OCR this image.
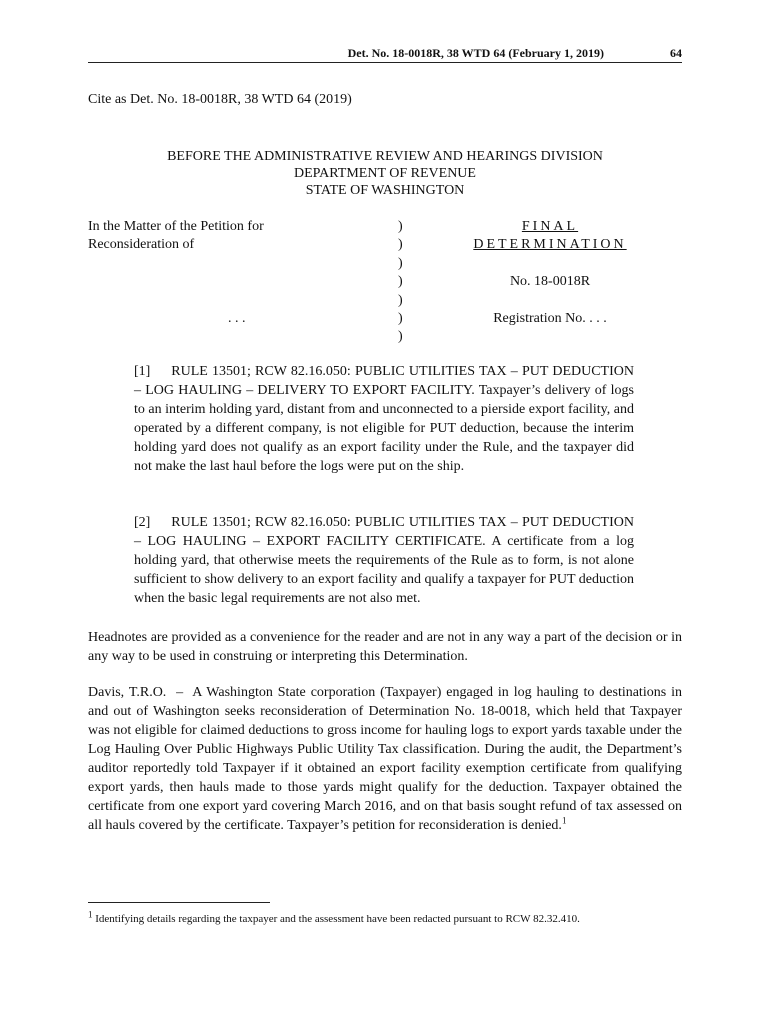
Det. No. 18-0018R, 38 WTD 64 (February 1, 2019)	64
Cite as Det. No. 18-0018R, 38 WTD 64 (2019)
BEFORE THE ADMINISTRATIVE REVIEW AND HEARINGS DIVISION
DEPARTMENT OF REVENUE
STATE OF WASHINGTON
In the Matter of the Petition for
Reconsideration of
. . .
)
)
)
)
)
)
)
FINAL
DETERMINATION
No. 18-0018R
Registration No. . . .
[1]     RULE 13501; RCW 82.16.050: PUBLIC UTILITIES TAX – PUT DEDUCTION – LOG HAULING – DELIVERY TO EXPORT FACILITY. Taxpayer’s delivery of logs to an interim holding yard, distant from and unconnected to a pierside export facility, and operated by a different company, is not eligible for PUT deduction, because the interim holding yard does not qualify as an export facility under the Rule, and the taxpayer did not make the last haul before the logs were put on the ship.
[2]     RULE 13501; RCW 82.16.050: PUBLIC UTILITIES TAX – PUT DEDUCTION – LOG HAULING – EXPORT FACILITY CERTIFICATE. A certificate from a log holding yard, that otherwise meets the requirements of the Rule as to form, is not alone sufficient to show delivery to an export facility and qualify a taxpayer for PUT deduction when the basic legal requirements are not also met.
Headnotes are provided as a convenience for the reader and are not in any way a part of the decision or in any way to be used in construing or interpreting this Determination.
Davis, T.R.O.  –  A Washington State corporation (Taxpayer) engaged in log hauling to destinations in and out of Washington seeks reconsideration of Determination No. 18-0018, which held that Taxpayer was not eligible for claimed deductions to gross income for hauling logs to export yards taxable under the Log Hauling Over Public Highways Public Utility Tax classification. During the audit, the Department’s auditor reportedly told Taxpayer if it obtained an export facility exemption certificate from qualifying export yards, then hauls made to those yards might qualify for the deduction. Taxpayer obtained the certificate from one export yard covering March 2016, and on that basis sought refund of tax assessed on all hauls covered by the certificate. Taxpayer’s petition for reconsideration is denied.$^1$
$^1$ Identifying details regarding the taxpayer and the assessment have been redacted pursuant to RCW 82.32.410.
